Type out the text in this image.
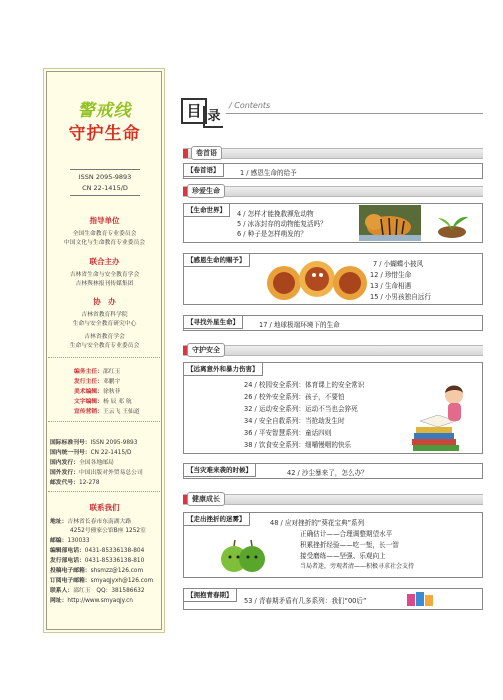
警戒线
守护生命
ISSN 2095-9893
CN 22-1415/D
指导单位
全国生命教育专业委员会
中国文化与生命教育专业委员会
联合主办
吉林省生命与安全教育学会
吉林舆林报刊传媒集团
协　办
吉林省教育科学院
生命与安全教育研究中心
吉林省教育学会
生命与安全教育专业委员会
编务主任：邵红玉
发行主任：邓鹏宇
美术编辑：徐秋菲
文字编辑：杨 辰 邓 航
宣传营销：王云飞 王仙道
国际标准刊号：ISSN 2095-9893
国内统一刊号：CN 22-1415/D
国内发行：全国各地邮局
国外发行：中国出版对外贸易总公司
邮发代号：12-278
联系我们
地址：吉林省长春市东南湖大路
4252号僮家公馆B座 1252室
邮编：130033
编辑部电话：0431-85336138-804
发行部电话：0431-85336138-810
投稿电子邮箱：shsmzz@126.com
订阅电子邮箱：smyaqjyxh@126.com
联系人：邵红玉　QQ：381586632
网址：http://www.smyaqjy.cn
目 录
/ Contents
卷首语
【卷首语】	1 / 感恩生命的给予
珍爱生命
【生命世界】	4 / 怎样才能挽救濒危动物
5 / 冰冻封存的动物能复活吗？
6 / 种子是怎样萌发的？
【感恩生命的赐予】	7 / 小蝴蝶小披风
12 / 珍惜生命
13 / 生命相遇
15 / 小男孩独自远行
【寻找外星生命】	17 / 地球极端环境下的生命
守护安全
【远离意外和暴力伤害】
24 / 校园安全系列：体育课上的安全常识
26 / 校外安全系列：孩子，不要怕
32 / 运动安全系列：运动不当也会猝死
34 / 安全自救系列：当抢劫发生时
36 / 平安智慧系列：童话四则
38 / 饮食安全系列：细嚼慢咽的快乐
【当灾难来袭的时候】	42 / 沙尘暴来了，怎么办？
健康成长
【走出挫折的迷雾】	48 / 应对挫折的“葵花宝典”系列
正确估计——合理调整期望水平
积累挫折经验——吃一堑，长一智
接受磨练——坚强、乐观向上
当局者迷，旁观者清——积极寻求社会支持
【拥抱青春期】
53 / 青春期矛盾有几多系列：我们“00后”
